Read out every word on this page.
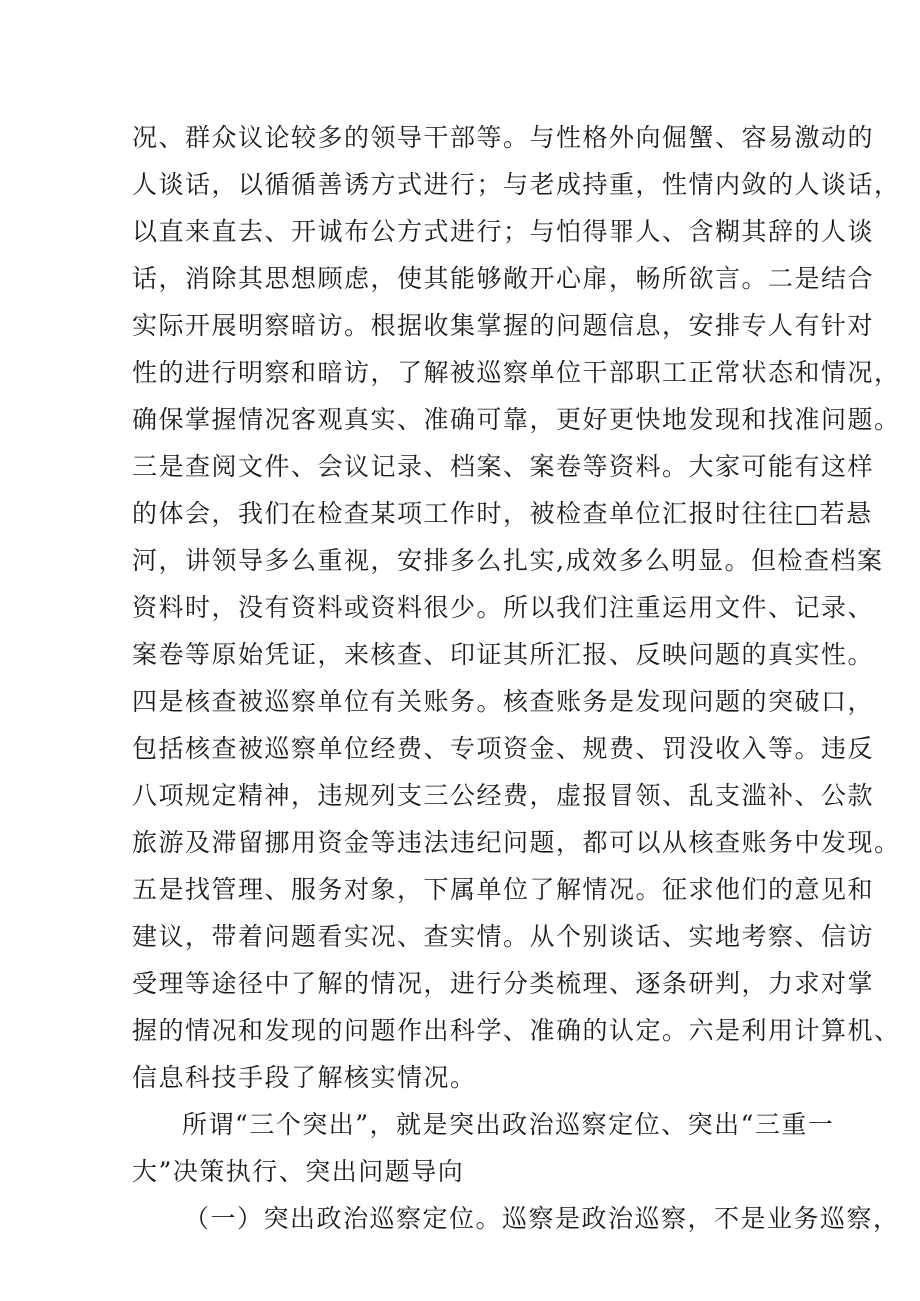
况、群众议论较多的领导干部等。与性格外向倔蟹、容易激动的
人谈话，以循循善诱方式进行；与老成持重，性情内敛的人谈话，
以直来直去、开诚布公方式进行；与怕得罪人、含糊其辞的人谈
话，消除其思想顾虑，使其能够敞开心扉，畅所欲言。二是结合
实际开展明察暗访。根据收集掌握的问题信息，安排专人有针对
性的进行明察和暗访，了解被巡察单位干部职工正常状态和情况，
确保掌握情况客观真实、准确可靠，更好更快地发现和找准问题。
三是查阅文件、会议记录、档案、案卷等资料。大家可能有这样
的体会，我们在检查某项工作时，被检查单位汇报时往往□若悬
河，讲领导多么重视，安排多么扎实,成效多么明显。但检查档案
资料时，没有资料或资料很少。所以我们注重运用文件、记录、
案卷等原始凭证，来核查、印证其所汇报、反映问题的真实性。
四是核查被巡察单位有关账务。核查账务是发现问题的突破口，
包括核查被巡察单位经费、专项资金、规费、罚没收入等。违反
八项规定精神，违规列支三公经费，虚报冒领、乱支滥补、公款
旅游及滞留挪用资金等违法违纪问题，都可以从核查账务中发现。
五是找管理、服务对象，下属单位了解情况。征求他们的意见和
建议，带着问题看实况、查实情。从个别谈话、实地考察、信访
受理等途径中了解的情况，进行分类梳理、逐条研判，力求对掌
握的情况和发现的问题作出科学、准确的认定。六是利用计算机、
信息科技手段了解核实情况。
所谓“三个突出”，就是突出政治巡察定位、突出“三重一
大”决策执行、突出问题导向
（一）突出政治巡察定位。巡察是政治巡察，不是业务巡察，
